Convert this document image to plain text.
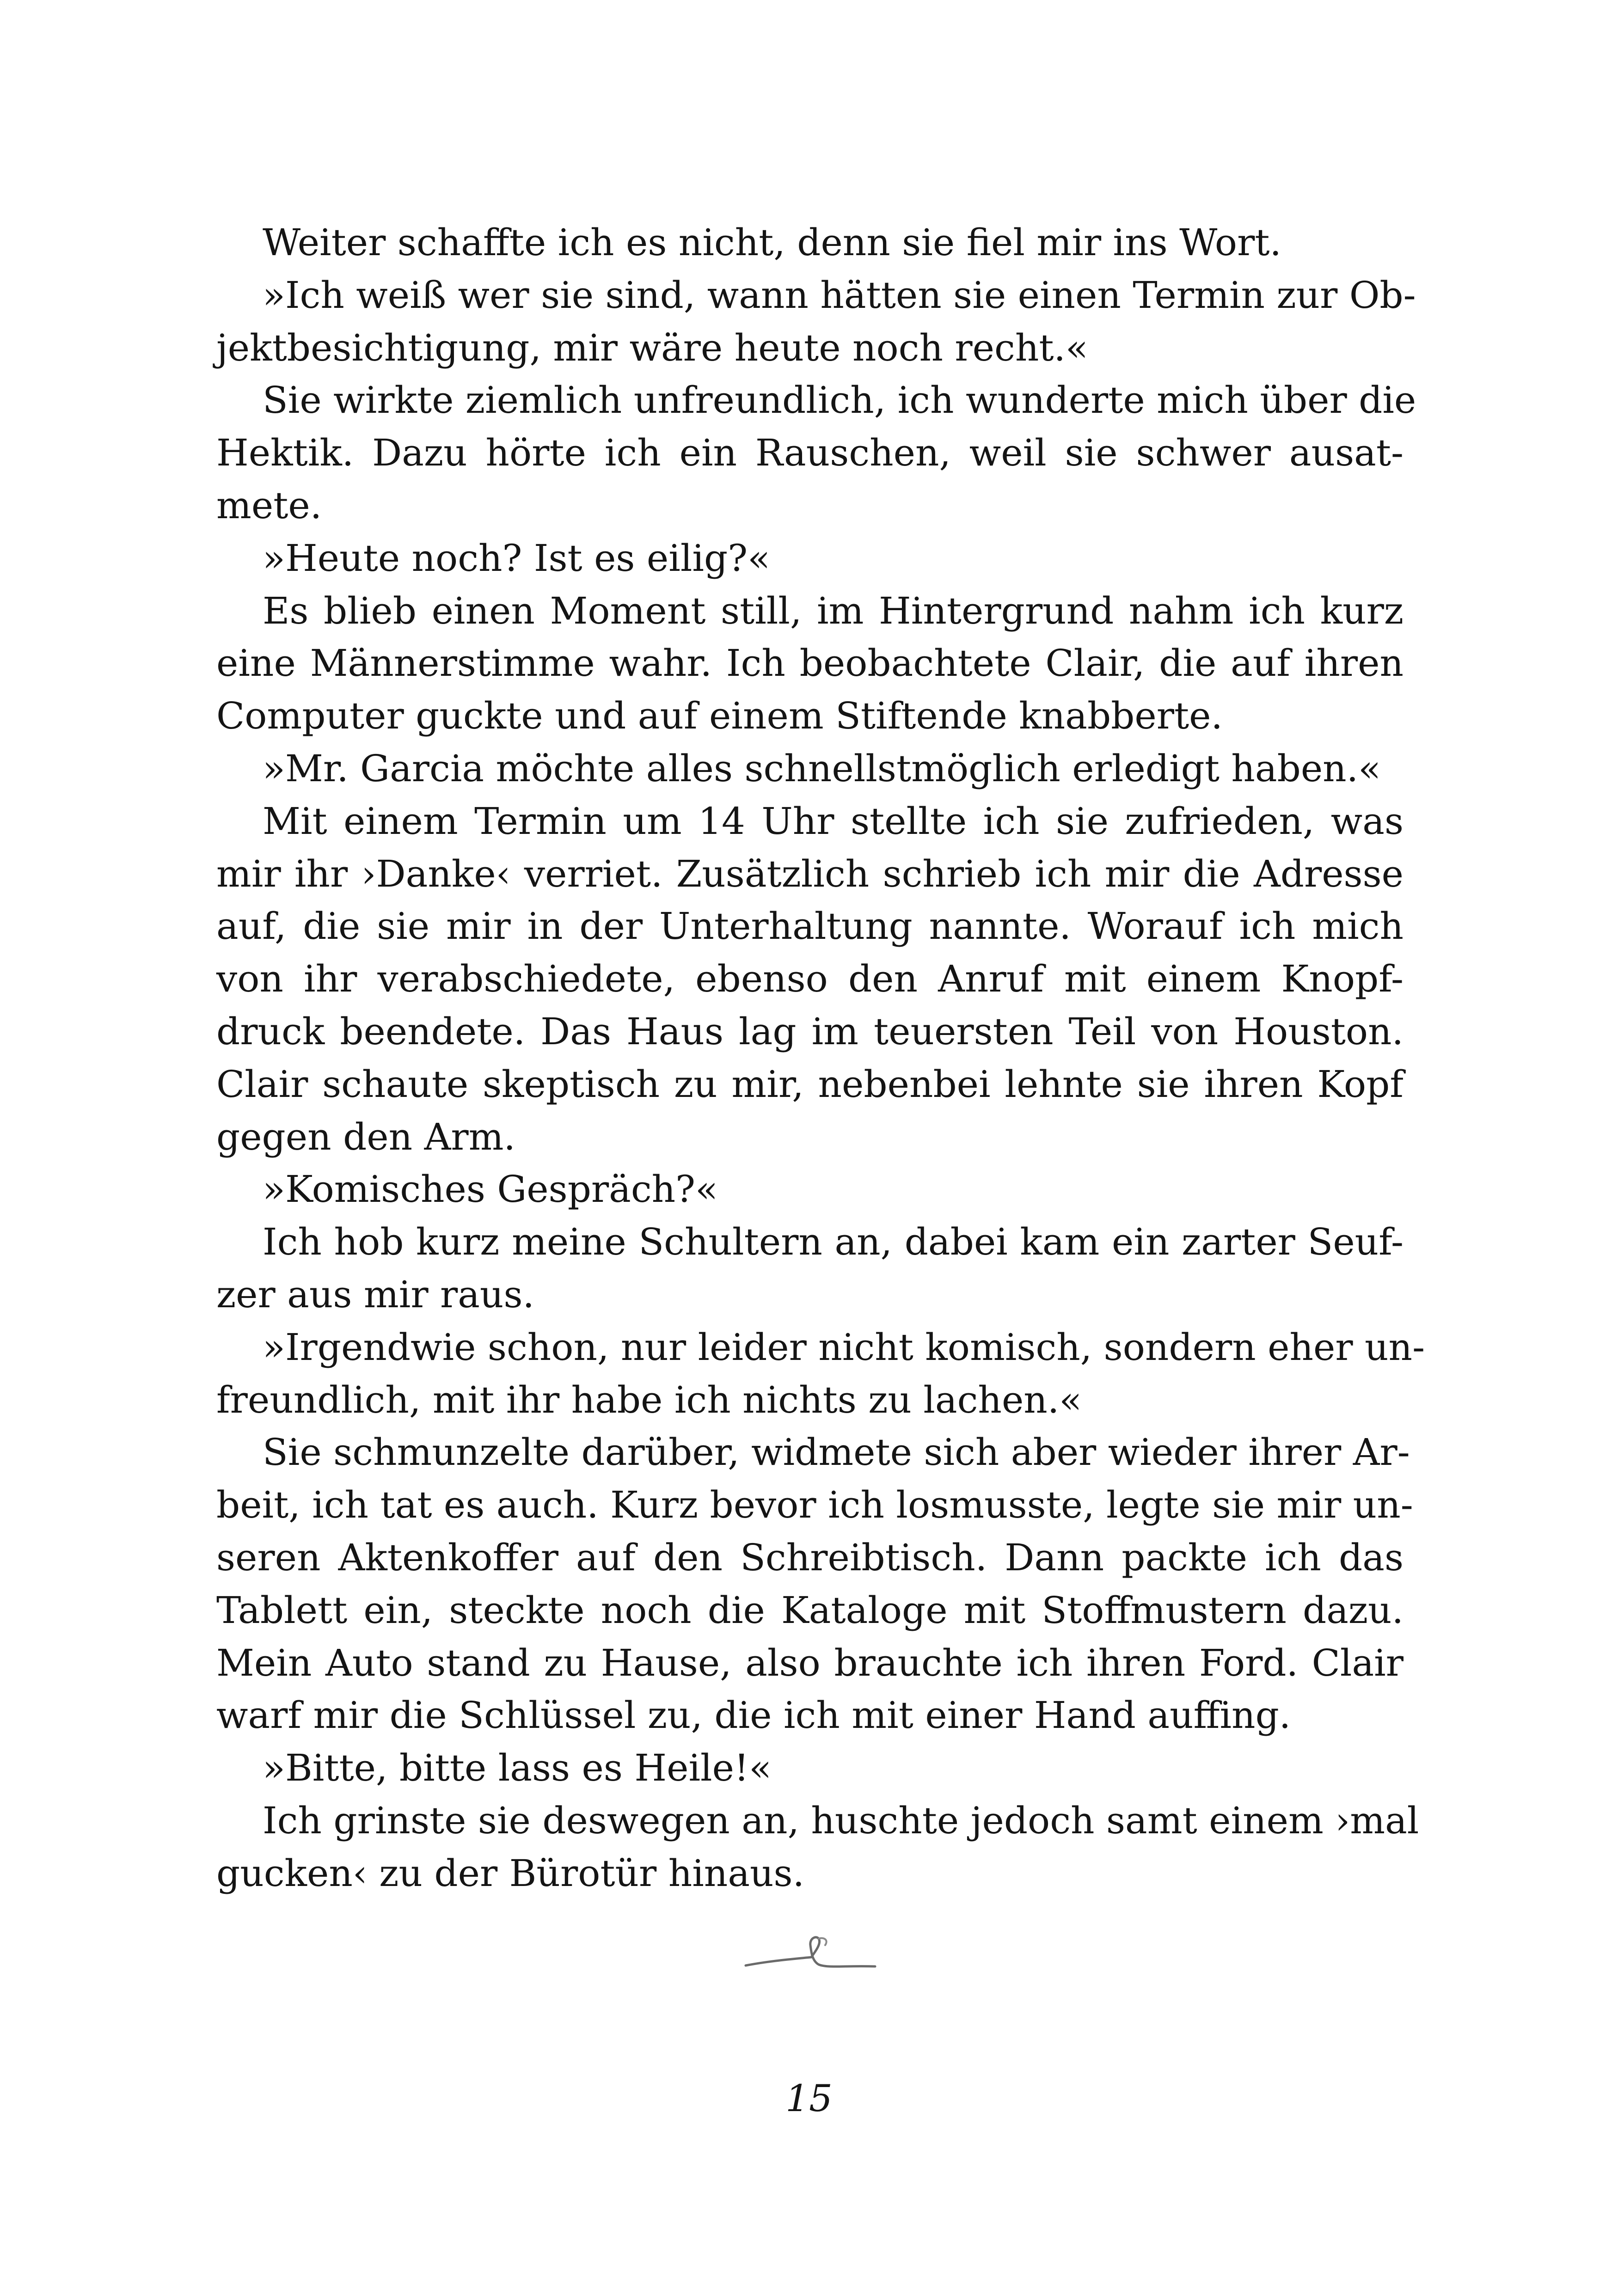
Weiter schaffte ich es nicht, denn sie fiel mir ins Wort.
»Ich weiß wer sie sind, wann hätten sie einen Termin zur Ob-
jektbesichtigung, mir wäre heute noch recht.«
Sie wirkte ziemlich unfreundlich, ich wunderte mich über die
Hektik. Dazu hörte ich ein Rauschen, weil sie schwer ausat-
mete.
»Heute noch? Ist es eilig?«
Es blieb einen Moment still, im Hintergrund nahm ich kurz
eine Männerstimme wahr. Ich beobachtete Clair, die auf ihren
Computer guckte und auf einem Stiftende knabberte.
»Mr. Garcia möchte alles schnellstmöglich erledigt haben.«
Mit einem Termin um 14 Uhr stellte ich sie zufrieden, was
mir ihr ›Danke‹ verriet. Zusätzlich schrieb ich mir die Adresse
auf, die sie mir in der Unterhaltung nannte. Worauf ich mich
von ihr verabschiedete, ebenso den Anruf mit einem Knopf-
druck beendete. Das Haus lag im teuersten Teil von Houston.
Clair schaute skeptisch zu mir, nebenbei lehnte sie ihren Kopf
gegen den Arm.
»Komisches Gespräch?«
Ich hob kurz meine Schultern an, dabei kam ein zarter Seuf-
zer aus mir raus.
»Irgendwie schon, nur leider nicht komisch, sondern eher un-
freundlich, mit ihr habe ich nichts zu lachen.«
Sie schmunzelte darüber, widmete sich aber wieder ihrer Ar-
beit, ich tat es auch. Kurz bevor ich losmusste, legte sie mir un-
seren Aktenkoffer auf den Schreibtisch. Dann packte ich das
Tablett ein, steckte noch die Kataloge mit Stoffmustern dazu.
Mein Auto stand zu Hause, also brauchte ich ihren Ford. Clair
warf mir die Schlüssel zu, die ich mit einer Hand auffing.
»Bitte, bitte lass es Heile!«
Ich grinste sie deswegen an, huschte jedoch samt einem ›mal
gucken‹ zu der Bürotür hinaus.
15
